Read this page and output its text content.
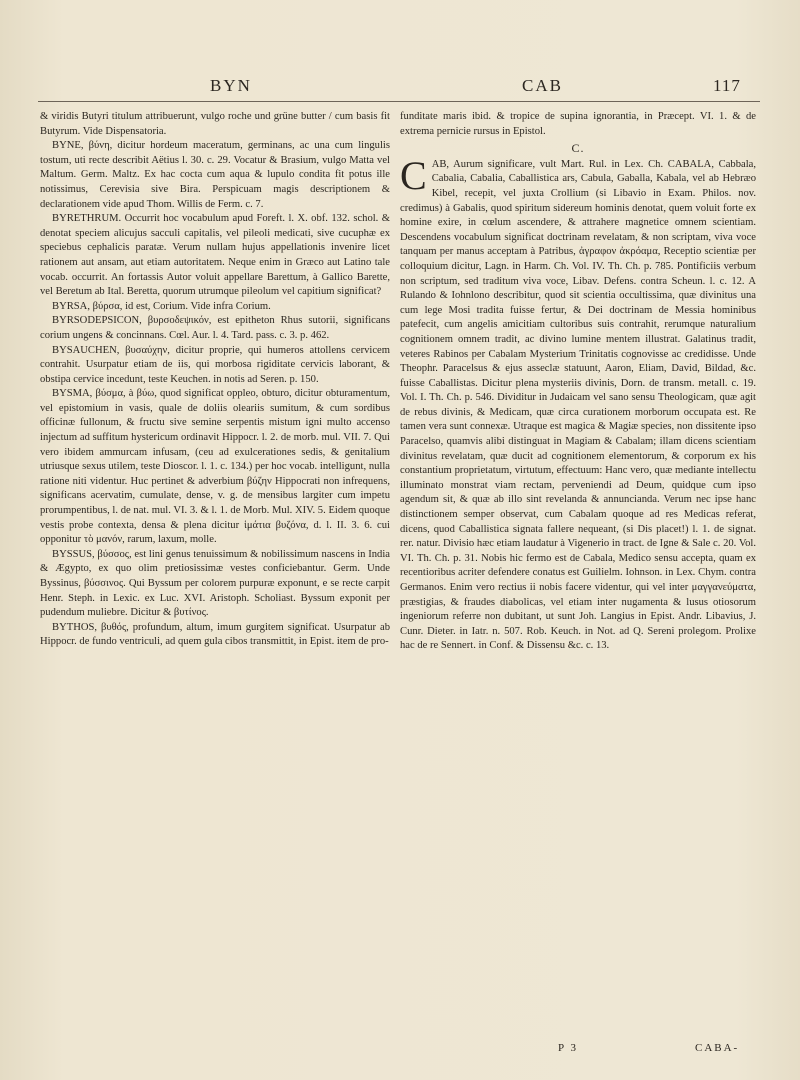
BYN	CAB	117

& viridis Butyri titulum attribuerunt, vulgo roche und grüne butter / cum basis fit Butyrum. Vide Dispensatoria.

BYNE, βύνη, dicitur hordeum maceratum, germinans, ac una cum lingulis tostum, uti recte describit Aëtius l. 30. c. 29. Vocatur & Brasium, vulgo Matta vel Maltum. Germ. Maltz. Ex hac cocta cum aqua & lupulo condita fit potus ille notissimus, Cerevisia sive Bira. Perspicuam magis descriptionem & declarationem vide apud Thom. Willis de Ferm. c. 7.

BYRETHRUM. Occurrit hoc vocabulum apud Foreft. l. X. obf. 132. schol. & denotat speciem alicujus sacculi capitalis, vel pileoli medicati, sive cucuphæ ex speciebus cephalicis paratæ. Verum nullam hujus appellationis invenire licet rationem aut ansam, aut etiam autoritatem. Neque enim in Græco aut Latino tale vocab. occurrit. An fortassis Autor voluit appellare Barettum, à Gallico Barette, vel Beretum ab Ital. Beretta, quorum utrumque pileolum vel capitium significat?

BYRSA, βύρσα, id est, Corium. Vide infra Corium.

BYRSODEPSICON, βυρσοδεψικόν, est epitheton Rhus sutorii, significans corium ungens & concinnans. Cœl. Aur. l. 4. Tard. pass. c. 3. p. 462.

BYSAUCHEN, βυσαύχην, dicitur proprie, qui humeros attollens cervicem contrahit. Usurpatur etiam de iis, qui morbosa rigiditate cervicis laborant, & obstipa cervice incedunt, teste Keuchen. in notis ad Seren. p. 150.

BYSMA, βύσμα, à βύω, quod significat oppleo, obturo, dicitur obturamentum, vel epistomium in vasis, quale de doliis oleariis sumitum, & cum sordibus officinæ fullonum, & fructu sive semine serpentis mistum igni multo accenso injectum ad suffitum hystericum ordinavit Hippocr. l. 2. de morb. mul. VII. 7. Qui vero ibidem ammurcam infusam, (ceu ad exulcerationes sedis, & genitalium utriusque sexus utilem, teste Dioscor. l. 1. c. 134.) per hoc vocab. intelligunt, nulla ratione niti videntur. Huc pertinet & adverbium βύζην Hippocrati non infrequens, significans acervatim, cumulate, dense, v. g. de mensibus largiter cum impetu prorumpentibus, l. de nat. mul. VI. 3. & l. 1. de Morb. Mul. XIV. 5. Eidem quoque vestis probe contexta, densa & plena dicitur ἱμάτια βυζόνα, d. l. II. 3. 6. cui opponitur τὸ μανόν, rarum, laxum, molle.

BYSSUS, βύσσος, est lini genus tenuissimum & nobilissimum nascens in India & Ægypto, ex quo olim pretiosissimæ vestes conficiebantur. Germ. Unde Byssinus, βύσσινος. Qui Byssum per colorem purpuræ exponunt, e se recte carpit Henr. Steph. in Lexic. ex Luc. XVI. Aristoph. Scholiast. Byssum exponit per pudendum muliebre. Dicitur & βυτίνος.

BYTHOS, βυθός, profundum, altum, imum gurgitem significat. Usurpatur ab Hippocr. de fundo ventriculi, ad quem gula cibos transmittit, in Epist. item de pro-

funditate maris ibid. & tropice de supina ignorantia, in Præcept. VI. 1. & de extrema pernicie rursus in Epistol.

C.
C AB, Aurum significare, vult Mart. Rul. in Lex. Ch. CABALA, Cabbala, Cabalia, Cabalia, Caballistica ars, Cabula, Gaballa, Kabala, vel ab Hebræo Kibel, recepit, vel juxta Crollium (si Libavio in Exam. Philos. nov. credimus) à Gabalis, quod spiritum sidereum hominis denotat, quem voluit forte ex homine exire, in cœlum ascendere, & attrahere magnetice omnem scientiam. Descendens vocabulum significat doctrinam revelatam, & non scriptam, viva voce tanquam per manus acceptam à Patribus, ἀγραφον ἀκρόαμα, Receptio scientiæ per colloquium dicitur, Lagn. in Harm. Ch. Vol. IV. Th. Ch. p. 785. Pontificiis verbum non scriptum, sed traditum viva voce, Libav. Defens. contra Scheun. l. c. 12. A Rulando & Iohnlono describitur, quod sit scientia occultissima, quæ divinitus una cum lege Mosi tradita fuisse fertur, & Dei doctrinam de Messia hominibus patefecit, cum angelis amicitiam cultoribus suis contrahit, rerumque naturalium cognitionem omnem tradit, ac divino lumine mentem illustrat. Galatinus tradit, veteres Rabinos per Cabalam Mysterium Trinitatis cognovisse ac credidisse. Unde Theophr. Paracelsus & ejus asseclæ statuunt, Aaron, Eliam, David, Bildad, &c. fuisse Caballistas. Dicitur plena mysteriis divinis, Dorn. de transm. metall. c. 19. Vol. I. Th. Ch. p. 546. Dividitur in Judaicam vel sano sensu Theologicam, quæ agit de rebus divinis, & Medicam, quæ circa curationem morborum occupata est. Re tamen vera sunt connexæ. Utraque est magica & Magiæ species, non dissitente ipso Paracelso, quamvis alibi distinguat in Magiam & Cabalam; illam dicens scientiam divinitus revelatam, quæ ducit ad cognitionem elementorum, & corporum ex his constantium proprietatum, virtutum, effectuum: Hanc vero, quæ mediante intellectu illuminato monstrat viam rectam, perveniendi ad Deum, quidque cum ipso agendum sit, & quæ ab illo sint revelanda & annuncianda. Verum nec ipse hanc distinctionem semper observat, cum Cabalam quoque ad res Medicas referat, dicens, quod Caballistica signata fallere nequeant, (si Dis placet!) l. 1. de signat. rer. natur. Divisio hæc etiam laudatur à Vigenerio in tract. de Igne & Sale c. 20. Vol. VI. Th. Ch. p. 31. Nobis hic fermo est de Cabala, Medico sensu accepta, quam ex recentioribus acriter defendere conatus est Guilielm. Iohnson. in Lex. Chym. contra Germanos. Enim vero rectius ii nobis facere videntur, qui vel inter μαγγανεύματα, præstigias, & fraudes diabolicas, vel etiam inter nugamenta & lusus otiosorum ingeniorum referre non dubitant, ut sunt Joh. Langius in Epist. Andr. Libavius, J. Cunr. Dieter. in Iatr. n. 507. Rob. Keuch. in Not. ad Q. Sereni prolegom. Prolixe hac de re Sennert. in Conf. & Dissensu &c. c. 13.

P 3	CABA-
